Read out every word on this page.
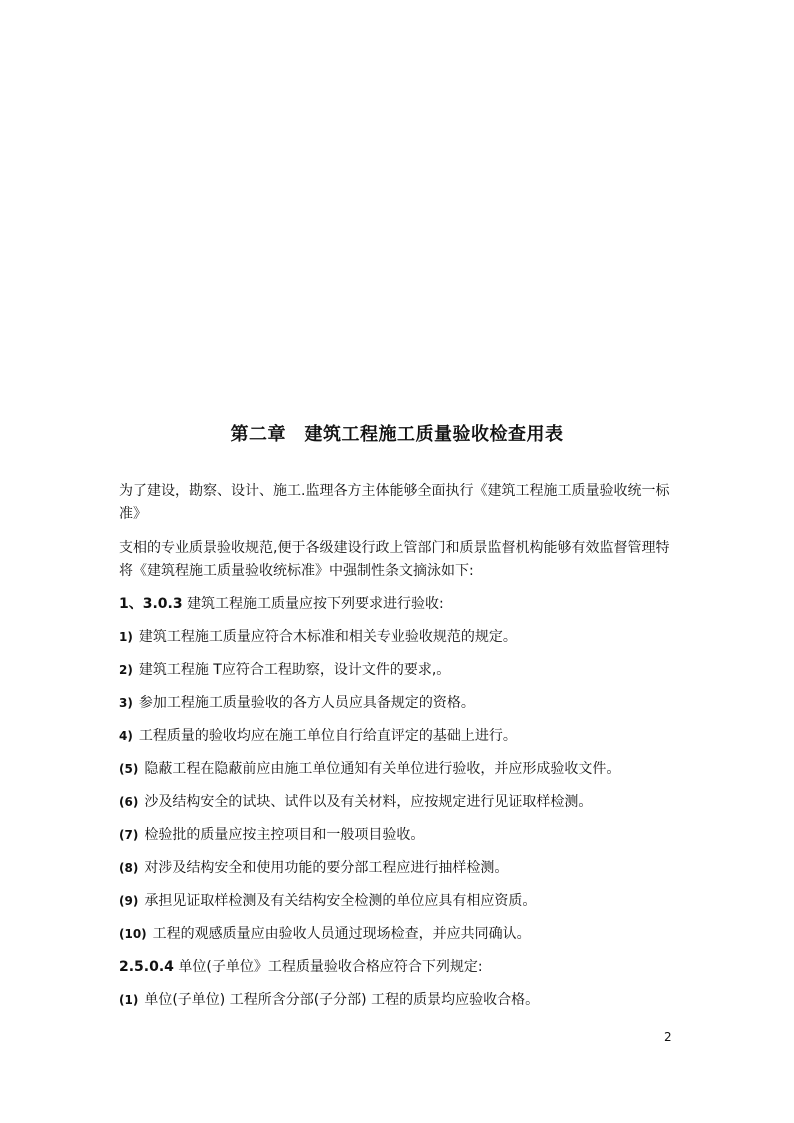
第二章　建筑工程施工质量验收检查用表
为了建设，勘察、设计、施工.监理各方主体能够全面执行《建筑工程施工质量验收统一标
准》
支相的专业质景验收规范,便于各级建设行政上管部门和质景监督机构能够有效监督管理特
将《建筑程施工质量验收统标准》中强制性条文摘泳如下:
1、3.0.3 建筑工程施工质量应按下列要求进行验收:
1) 建筑工程施工质量应符合木标准和相关专业验收规范的规定。
2) 建筑工程施 T应符合工程助察，设计文件的要求,。
3) 参加工程施工质量验收的各方人员应具备规定的资格。
4) 工程质量的验收均应在施工单位自行给直评定的基础上进行。
(5) 隐蔽工程在隐蔽前应由施工单位通知有关单位进行验收，并应形成验收文件。
(6) 沙及结构安全的试块、试件以及有关材料，应按规定进行见证取样检测。
(7) 检验批的质量应按主控项目和一般项目验收。
(8) 对涉及结构安全和使用功能的要分部工程应进行抽样检测。
(9) 承担见证取样检测及有关结构安全检测的单位应具有相应资质。
(10) 工程的观感质量应由验收人员通过现场检查，并应共同确认。
2.5.0.4 单位(子单位》工程质量验收合格应符合下列规定:
(1) 单位(子单位) 工程所含分部(子分部) 工程的质景均应验收合格。
2
